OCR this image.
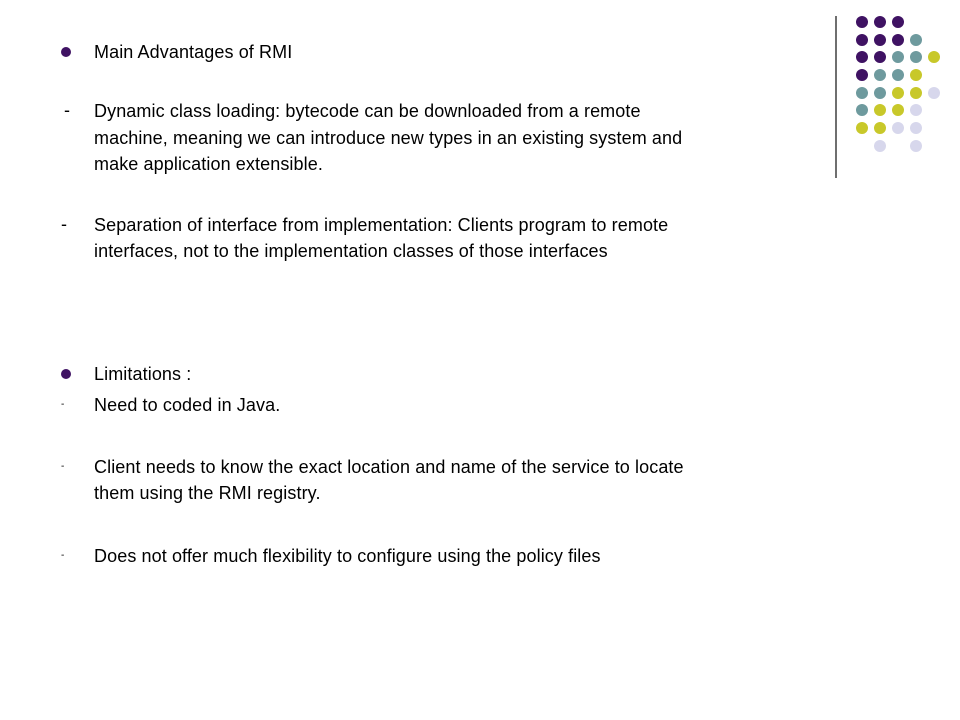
Main Advantages of RMI
- Dynamic class loading: bytecode can be downloaded from a remote
machine, meaning we can introduce new types in an existing system and
make application extensible.
- Separation of interface from implementation: Clients program to remote
interfaces, not to the implementation classes of those interfaces
Limitations :
- Need to coded in Java.
- Client needs to know the exact location and name of the service to locate
them using the RMI registry.
- Does not offer much flexibility to configure using the policy files
